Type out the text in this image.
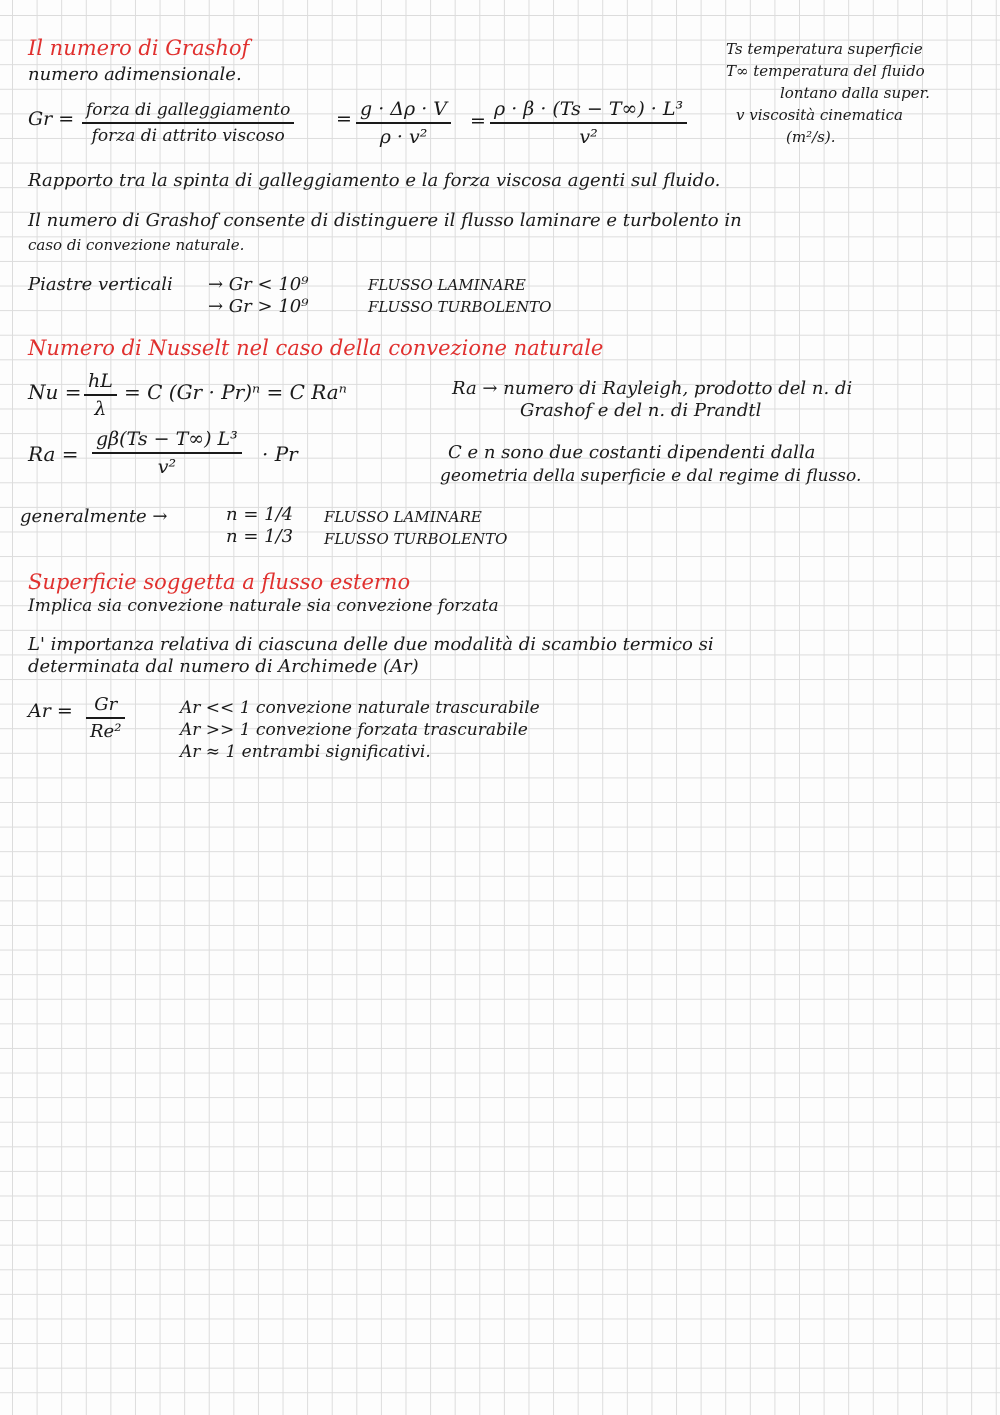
Il numero di Grashof
numero adimensionale.
Gr = forza di galleggiamento
forza di attrito viscoso
= g · Δρ · V
ρ · v²
=
ρ · β · (Ts − T∞) · L³
v²
Ts temperatura superficie
T∞ temperatura del fluido
lontano dalla super.
v viscosità cinematica
(m²/s).
Rapporto tra la spinta di galleggiamento e la forza viscosa agenti sul fluido.
Il numero di Grashof consente di distinguere il flusso laminare e turbolento in
caso di convezione naturale.
Piastre verticali → Gr < 10⁹	FLUSSO LAMINARE
→ Gr > 10⁹	FLUSSO TURBOLENTO
Numero di Nusselt nel caso della convezione naturale
Nu = hL
λ
= C (Gr · Pr)ⁿ = C Raⁿ	Ra → numero di Rayleigh, prodotto del n. di
Grashof e del n. di Prandtl
Ra =
gβ(Ts − T∞) L³
v²
· Pr	C e n sono due costanti dipendenti dalla
geometria della superficie e dal regime di flusso.
generalmente →	n = 1/4 FLUSSO LAMINARE
n = 1/3 FLUSSO TURBOLENTO
Superficie soggetta a flusso esterno
Implica sia convezione naturale sia convezione forzata
L' importanza relativa di ciascuna delle due modalità di scambio termico si
determinata dal numero di Archimede (Ar)
Ar = Gr
Re²
Ar << 1 convezione naturale trascurabile
Ar >> 1 convezione forzata trascurabile
Ar ≈ 1 entrambi significativi.
